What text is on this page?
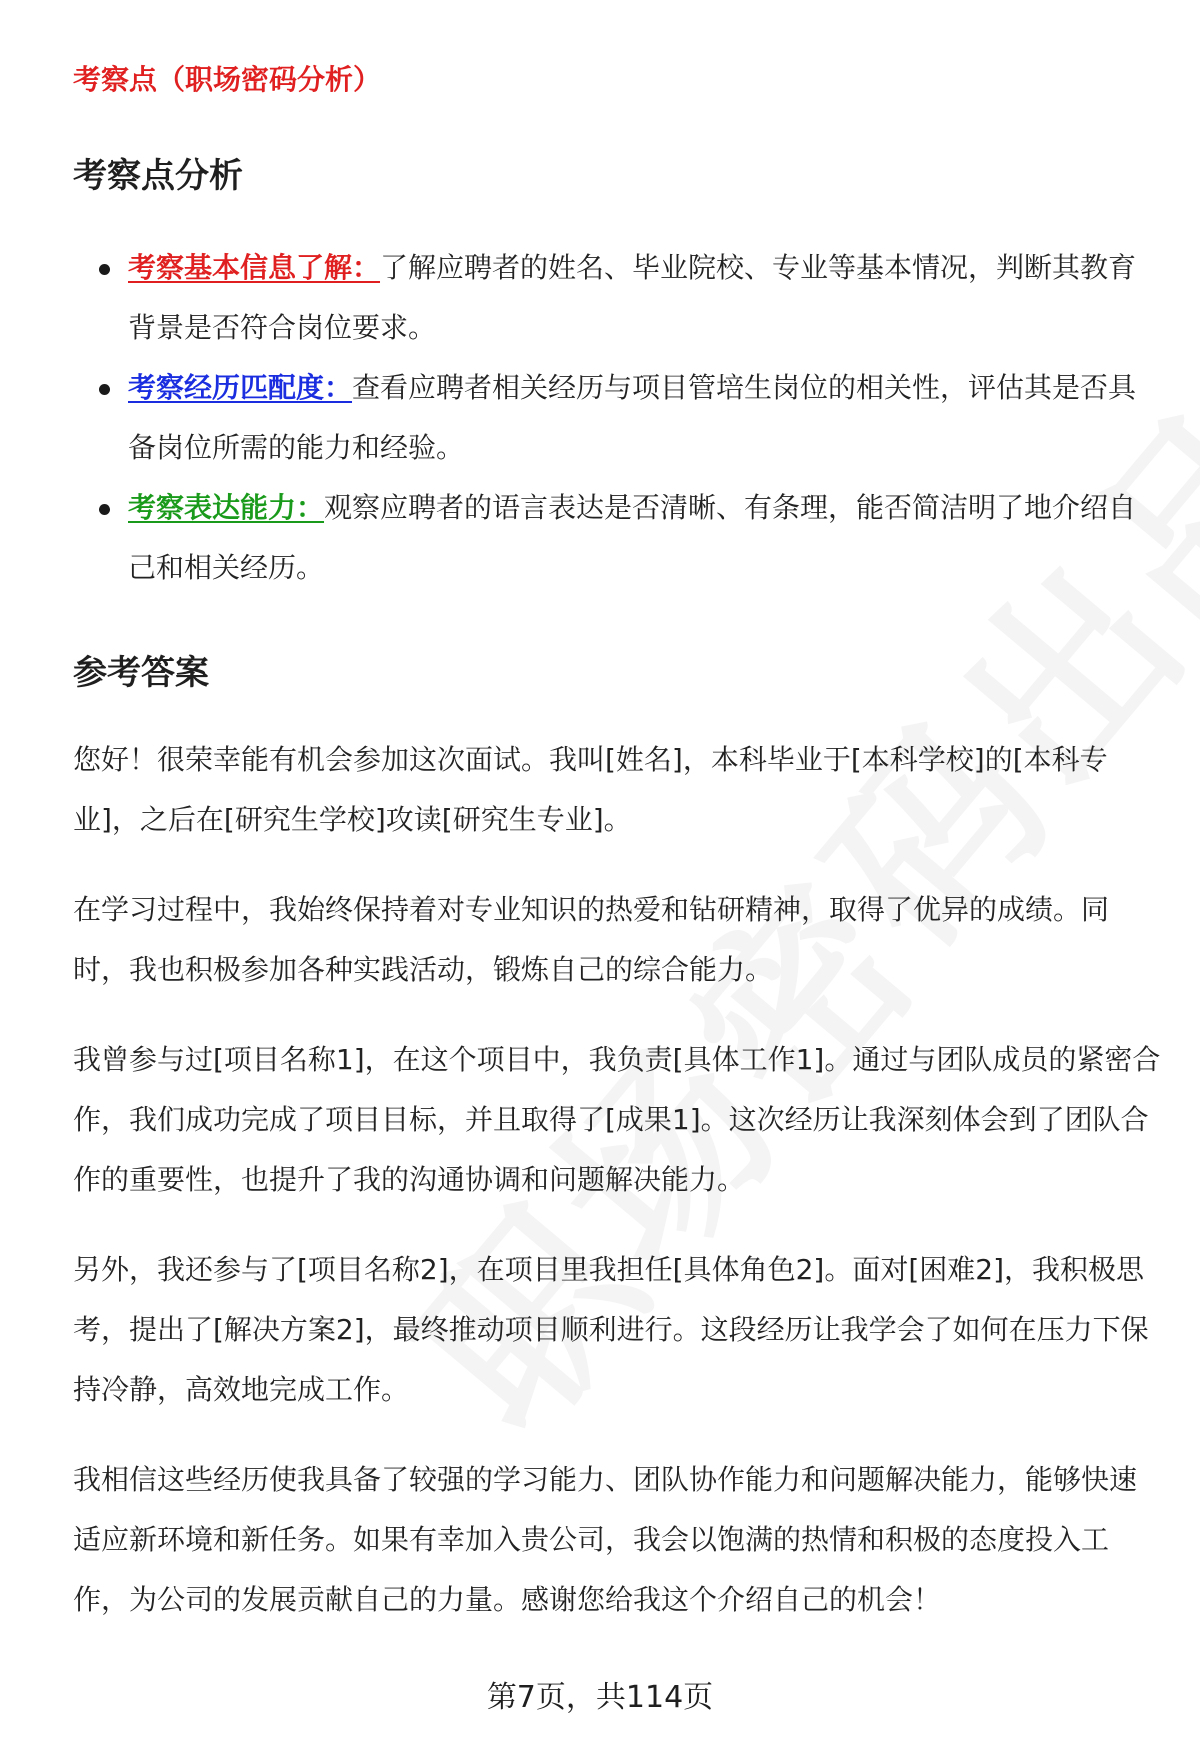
考察点（职场密码分析）
考察点分析
考察基本信息了解：了解应聘者的姓名、毕业院校、专业等基本情况，判断其教育背景是否符合岗位要求。
考察经历匹配度：查看应聘者相关经历与项目管培生岗位的相关性，评估其是否具备岗位所需的能力和经验。
考察表达能力：观察应聘者的语言表达是否清晰、有条理，能否简洁明了地介绍自己和相关经历。
参考答案

您好！很荣幸能有机会参加这次面试。我叫[姓名]，本科毕业于[本科学校]的[本科专业]，之后在[研究生学校]攻读[研究生专业]。

在学习过程中，我始终保持着对专业知识的热爱和钻研精神，取得了优异的成绩。同时，我也积极参加各种实践活动，锻炼自己的综合能力。

我曾参与过[项目名称1]，在这个项目中，我负责[具体工作1]。通过与团队成员的紧密合作，我们成功完成了项目目标，并且取得了[成果1]。这次经历让我深刻体会到了团队合作的重要性，也提升了我的沟通协调和问题解决能力。

另外，我还参与了[项目名称2]，在项目里我担任[具体角色2]。面对[困难2]，我积极思考，提出了[解决方案2]，最终推动项目顺利进行。这段经历让我学会了如何在压力下保持冷静，高效地完成工作。

我相信这些经历使我具备了较强的学习能力、团队协作能力和问题解决能力，能够快速适应新环境和新任务。如果有幸加入贵公司，我会以饱满的热情和积极的态度投入工作，为公司的发展贡献自己的力量。感谢您给我这个介绍自己的机会！

第7页，共114页
